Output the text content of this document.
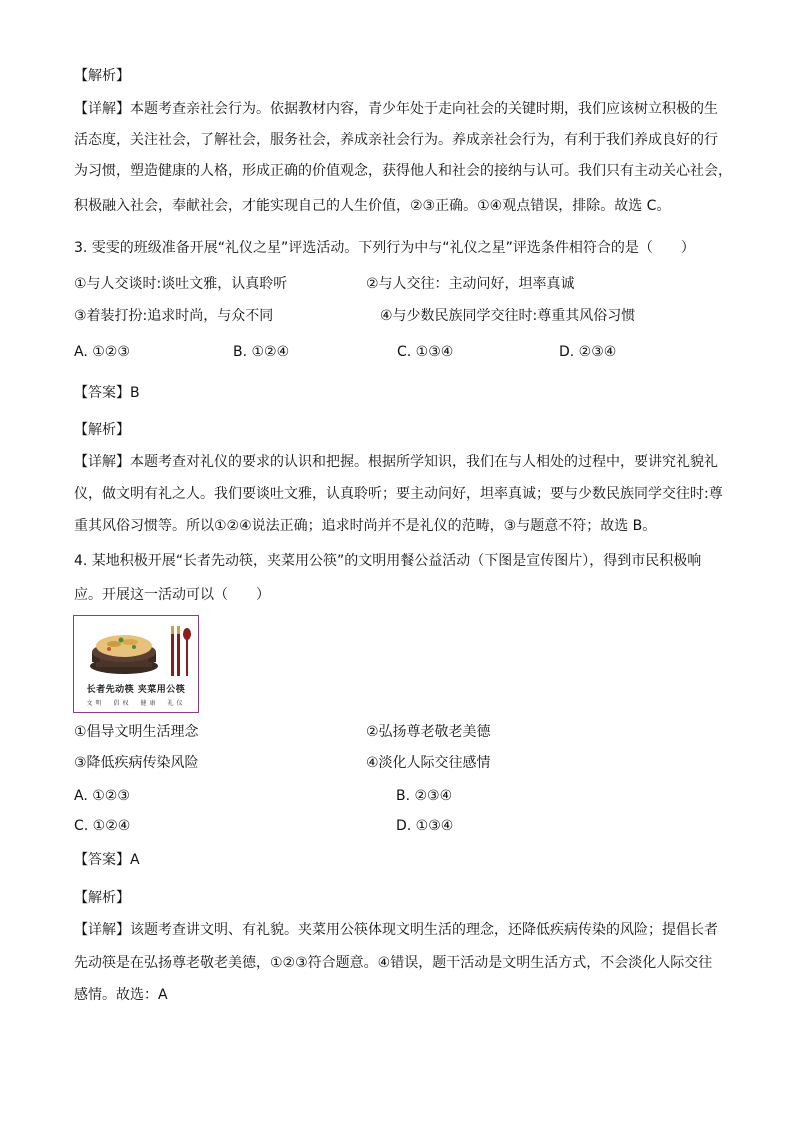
【解析】
【详解】本题考查亲社会行为。依据教材内容，青少年处于走向社会的关键时期，我们应该树立积极的生
活态度，关注社会，了解社会，服务社会，养成亲社会行为。养成亲社会行为，有利于我们养成良好的行
为习惯，塑造健康的人格，形成正确的价值观念，获得他人和社会的接纳与认可。我们只有主动关心社会，
积极融入社会，奉献社会，才能实现自己的人生价值，②③正确。①④观点错误，排除。故选 C。
3. 雯雯的班级准备开展“礼仪之星”评选活动。下列行为中与“礼仪之星”评选条件相符合的是（　　）
【答案】B
【解析】
【详解】本题考查对礼仪的要求的认识和把握。根据所学知识，我们在与人相处的过程中，要讲究礼貌礼
仪，做文明有礼之人。我们要谈吐文雅，认真聆听；要主动问好，坦率真诚；要与少数民族同学交往时:尊
重其风俗习惯等。所以①②④说法正确；追求时尚并不是礼仪的范畴，③与题意不符；故选 B。
4. 某地积极开展“长者先动筷，夹菜用公筷”的文明用餐公益活动（下图是宣传图片），得到市民积极响
应。开展这一活动可以（　　）
【答案】A
【解析】
【详解】该题考查讲文明、有礼貌。夹菜用公筷体现文明生活的理念，还降低疾病传染的风险；提倡长者
先动筷是在弘扬尊老敬老美德，①②③符合题意。④错误，题干活动是文明生活方式，不会淡化人际交往
感情。故选：A
①与人交谈时:谈吐文雅，认真聆听	②与人交往：主动问好，坦率真诚
③着装打扮:追求时尚，与众不同	④与少数民族同学交往时:尊重其风俗习惯
A. ①②③	B. ①②④	C. ①③④	D. ②③④
①倡导文明生活理念	②弘扬尊老敬老美德
③降低疾病传染风险	④淡化人际交往感情
A. ①②③	B. ②③④
C. ①②④	D. ①③④
长者先动筷 夹菜用公筷
文明　倡权　健康　礼仪
